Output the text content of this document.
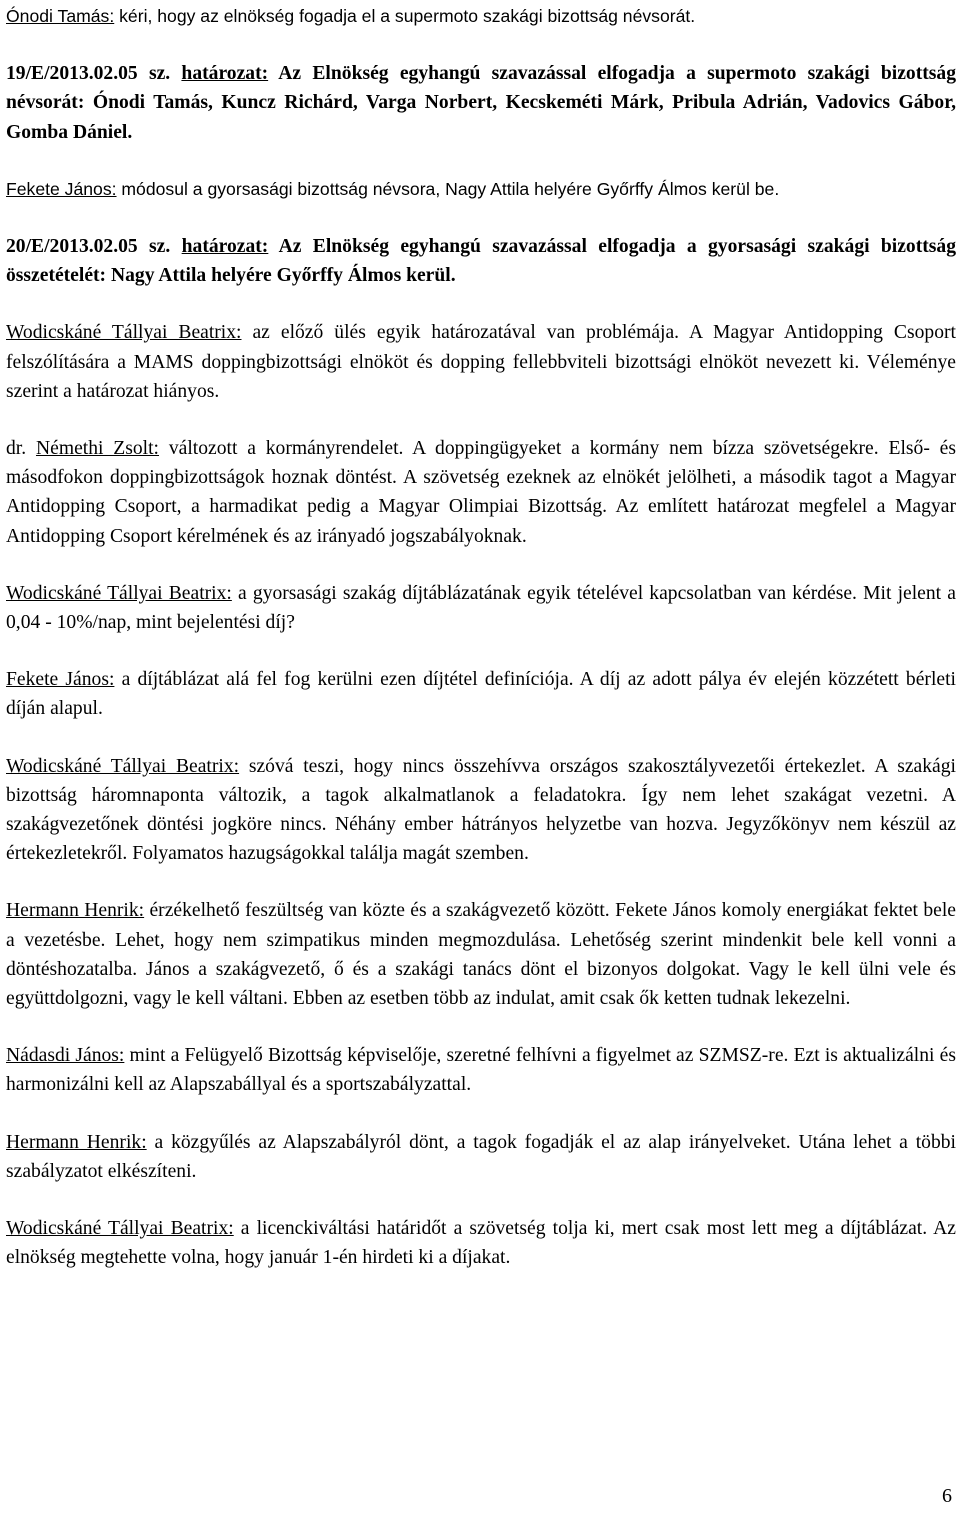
Ónodi Tamás: kéri, hogy az elnökség fogadja el a supermoto szakági bizottság névsorát.

19/E/2013.02.05 sz. határozat: Az Elnökség egyhangú szavazással elfogadja a supermoto szakági bizottság névsorát: Ónodi Tamás, Kuncz Richárd, Varga Norbert, Kecskeméti Márk, Pribula Adrián, Vadovics Gábor, Gomba Dániel.

Fekete János: módosul a gyorsasági bizottság névsora, Nagy Attila helyére Győrffy Álmos kerül be.

20/E/2013.02.05 sz. határozat: Az Elnökség egyhangú szavazással elfogadja a gyorsasági szakági bizottság összetételét: Nagy Attila helyére Győrffy Álmos kerül.

Wodicskáné Tállyai Beatrix: az előző ülés egyik határozatával van problémája. A Magyar Antidopping Csoport felszólítására a MAMS doppingbizottsági elnököt és dopping fellebbviteli bizottsági elnököt nevezett ki. Véleménye szerint a határozat hiányos.

dr. Némethi Zsolt: változott a kormányrendelet. A doppingügyeket a kormány nem bízza szövetségekre. Első- és másodfokon doppingbizottságok hoznak döntést. A szövetség ezeknek az elnökét jelölheti, a második tagot a Magyar Antidopping Csoport, a harmadikat pedig a Magyar Olimpiai Bizottság. Az említett határozat megfelel a Magyar Antidopping Csoport kérelmének és az irányadó jogszabályoknak.

Wodicskáné Tállyai Beatrix: a gyorsasági szakág díjtáblázatának egyik tételével kapcsolatban van kérdése. Mit jelent a 0,04 - 10%/nap, mint bejelentési díj?

Fekete János: a díjtáblázat alá fel fog kerülni ezen díjtétel definíciója. A díj az adott pálya év elején közzétett bérleti díján alapul.

Wodicskáné Tállyai Beatrix: szóvá teszi, hogy nincs összehívva országos szakosztályvezetői értekezlet. A szakági bizottság háromnaponta változik, a tagok alkalmatlanok a feladatokra. Így nem lehet szakágat vezetni. A szakágvezetőnek döntési jogköre nincs. Néhány ember hátrányos helyzetbe van hozva. Jegyzőkönyv nem készül az értekezletekről. Folyamatos hazugságokkal találja magát szemben.

Hermann Henrik: érzékelhető feszültség van közte és a szakágvezető között. Fekete János komoly energiákat fektet bele a vezetésbe. Lehet, hogy nem szimpatikus minden megmozdulása. Lehetőség szerint mindenkit bele kell vonni a döntéshozatalba. János a szakágvezető, ő és a szakági tanács dönt el bizonyos dolgokat. Vagy le kell ülni vele és együttdolgozni, vagy le kell váltani. Ebben az esetben több az indulat, amit csak ők ketten tudnak lekezelni.

Nádasdi János: mint a Felügyelő Bizottság képviselője, szeretné felhívni a figyelmet az SZMSZ-re. Ezt is aktualizálni és harmonizálni kell az Alapszabállyal és a sportszabályzattal.

Hermann Henrik: a közgyűlés az Alapszabályról dönt, a tagok fogadják el az alap irányelveket. Utána lehet a többi szabályzatot elkészíteni.

Wodicskáné Tállyai Beatrix: a licenckiváltási határidőt a szövetség tolja ki, mert csak most lett meg a díjtáblázat. Az elnökség megtehette volna, hogy január 1-én hirdeti ki a díjakat.

6
